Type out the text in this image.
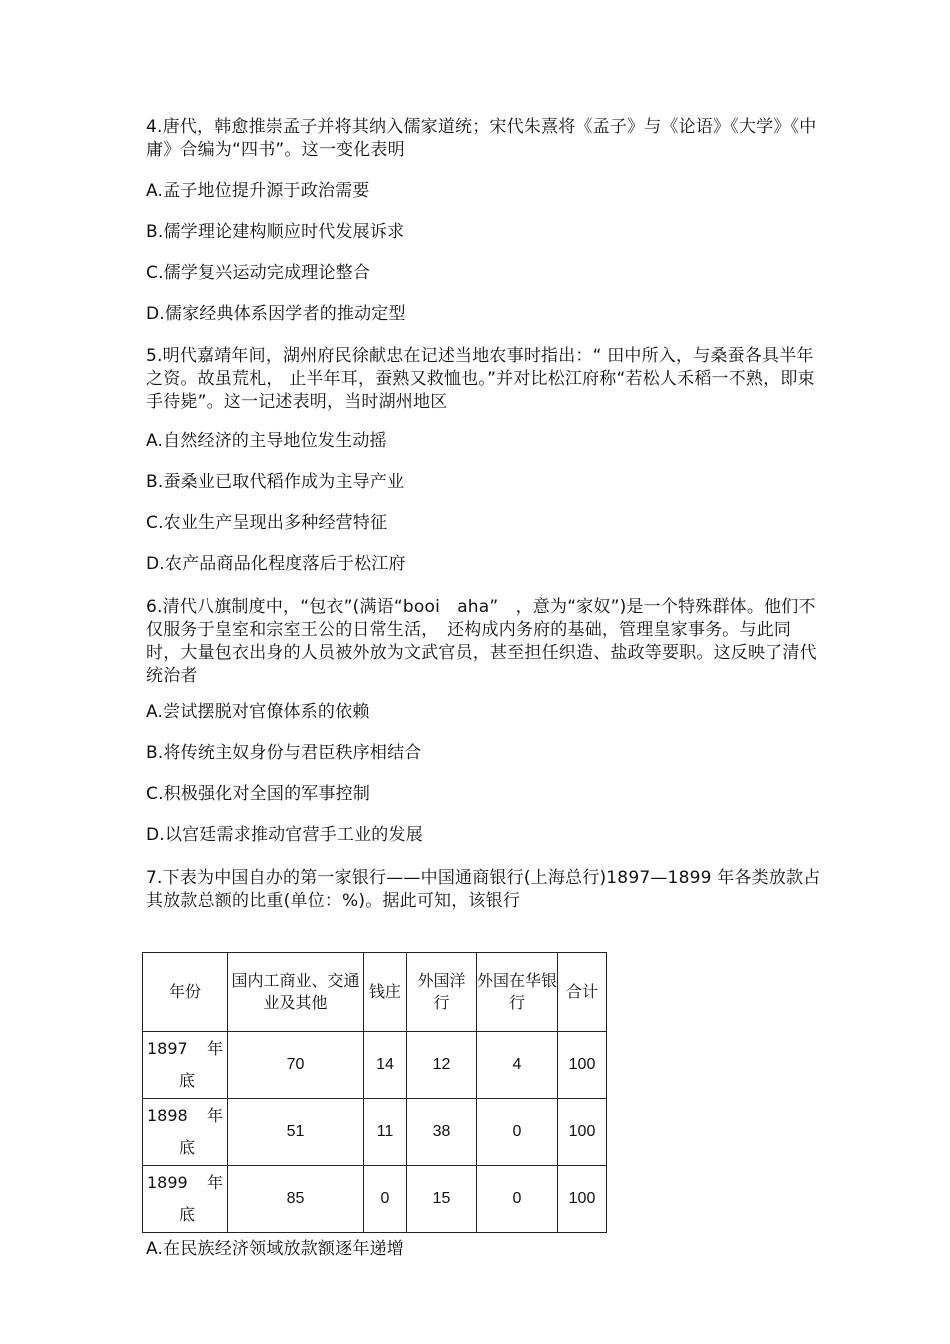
4.唐代，韩愈推崇孟子并将其纳入儒家道统；宋代朱熹将《孟子》与《论语》《大学》《中庸》合编为“四书”。这一变化表明
A.孟子地位提升源于政治需要
B.儒学理论建构顺应时代发展诉求
C.儒学复兴运动完成理论整合
D.儒家经典体系因学者的推动定型
5.明代嘉靖年间，湖州府民徐献忠在记述当地农事时指出：“ 田中所入，与桑蚕各具半年之资。故虽荒札， 止半年耳，蚕熟又救恤也。”并对比松江府称“若松人禾稻一不熟，即束手待毙”。这一记述表明，当时湖州地区
A.自然经济的主导地位发生动摇
B.蚕桑业已取代稻作成为主导产业
C.农业生产呈现出多种经营特征
D.农产品商品化程度落后于松江府
6.清代八旗制度中，“包衣”(满语“booi　aha”　，意为“家奴”)是一个特殊群体。他们不仅服务于皇室和宗室王公的日常生活，　还构成内务府的基础，管理皇家事务。与此同时，大量包衣出身的人员被外放为文武官员，甚至担任织造、盐政等要职。这反映了清代统治者
A.尝试摆脱对官僚体系的依赖
B.将传统主奴身份与君臣秩序相结合
C.积极强化对全国的军事控制
D.以宫廷需求推动官营手工业的发展
7.下表为中国自办的第一家银行——中国通商银行(上海总行)1897—1899 年各类放款占其放款总额的比重(单位：%)。据此可知，该银行
年份	国内工商业、交通业及其他	钱庄	外国洋行	外国在华银行	合计

1897 年
底	70	14	12	4	100

1898 年
底	51	11	38	0	100

1899 年
底	85	0	15	0	100
A.在民族经济领域放款额逐年递增
